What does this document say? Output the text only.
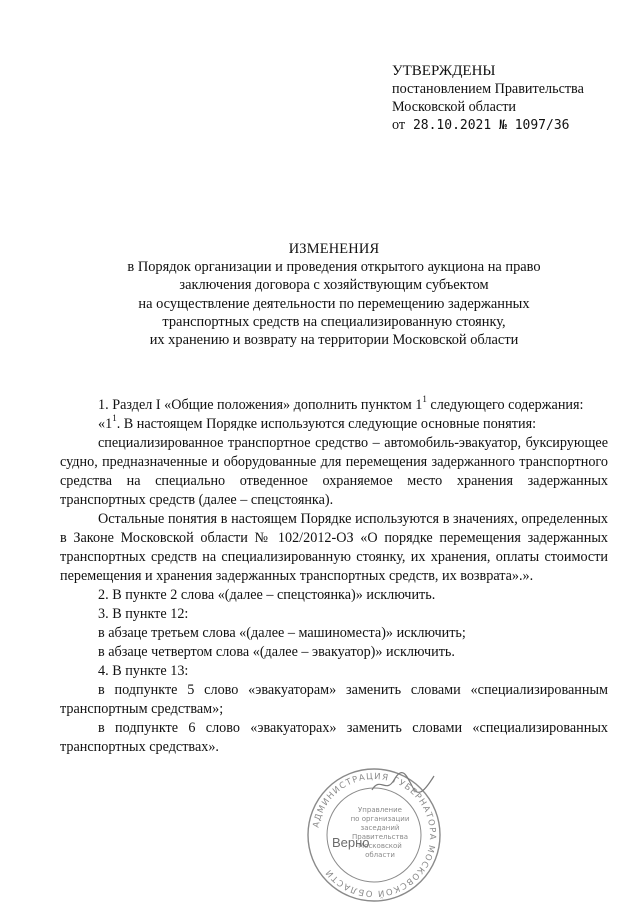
УТВЕРЖДЕНЫ
постановлением Правительства
Московской области
от 28.10.2021 № 1097/36
ИЗМЕНЕНИЯ
в Порядок организации и проведения открытого аукциона на право
заключения договора с хозяйствующим субъектом
на осуществление деятельности по перемещению задержанных
транспортных средств на специализированную стоянку,
их хранению и возврату на территории Московской области

1. Раздел I «Общие положения» дополнить пунктом $1^1$ следующего содержания:

«$1^1$. В настоящем Порядке используются следующие основные понятия:

специализированное транспортное средство – автомобиль-эвакуатор, буксирующее судно, предназначенные и оборудованные для перемещения задержанного транспортного средства на специально отведенное охраняемое место хранения задержанных транспортных средств (далее – спецстоянка).

Остальные понятия в настоящем Порядке используются в значениях, определенных в Законе Московской области № 102/2012-ОЗ «О порядке перемещения задержанных транспортных средств на специализированную стоянку, их хранения, оплаты стоимости перемещения и хранения задержанных транспортных средств, их возврата».».

2. В пункте 2 слова «(далее – спецстоянка)» исключить.

3. В пункте 12:

в абзаце третьем слова «(далее – машиноместа)» исключить;

в абзаце четвертом слова «(далее – эвакуатор)» исключить.

4. В пункте 13:

в подпункте 5 слово «эвакуаторам» заменить словами «специализированным транспортным средствам»;

в подпункте 6 слово «эвакуаторах» заменить словами «специализированных транспортных средствах».

АДМИНИСТРАЦИЯ ГУБЕРНАТОРА МОСКОВСКОЙ ОБЛАСТИ
Управление
по организации
заседаний
Правительства
Московской
области
Верно
